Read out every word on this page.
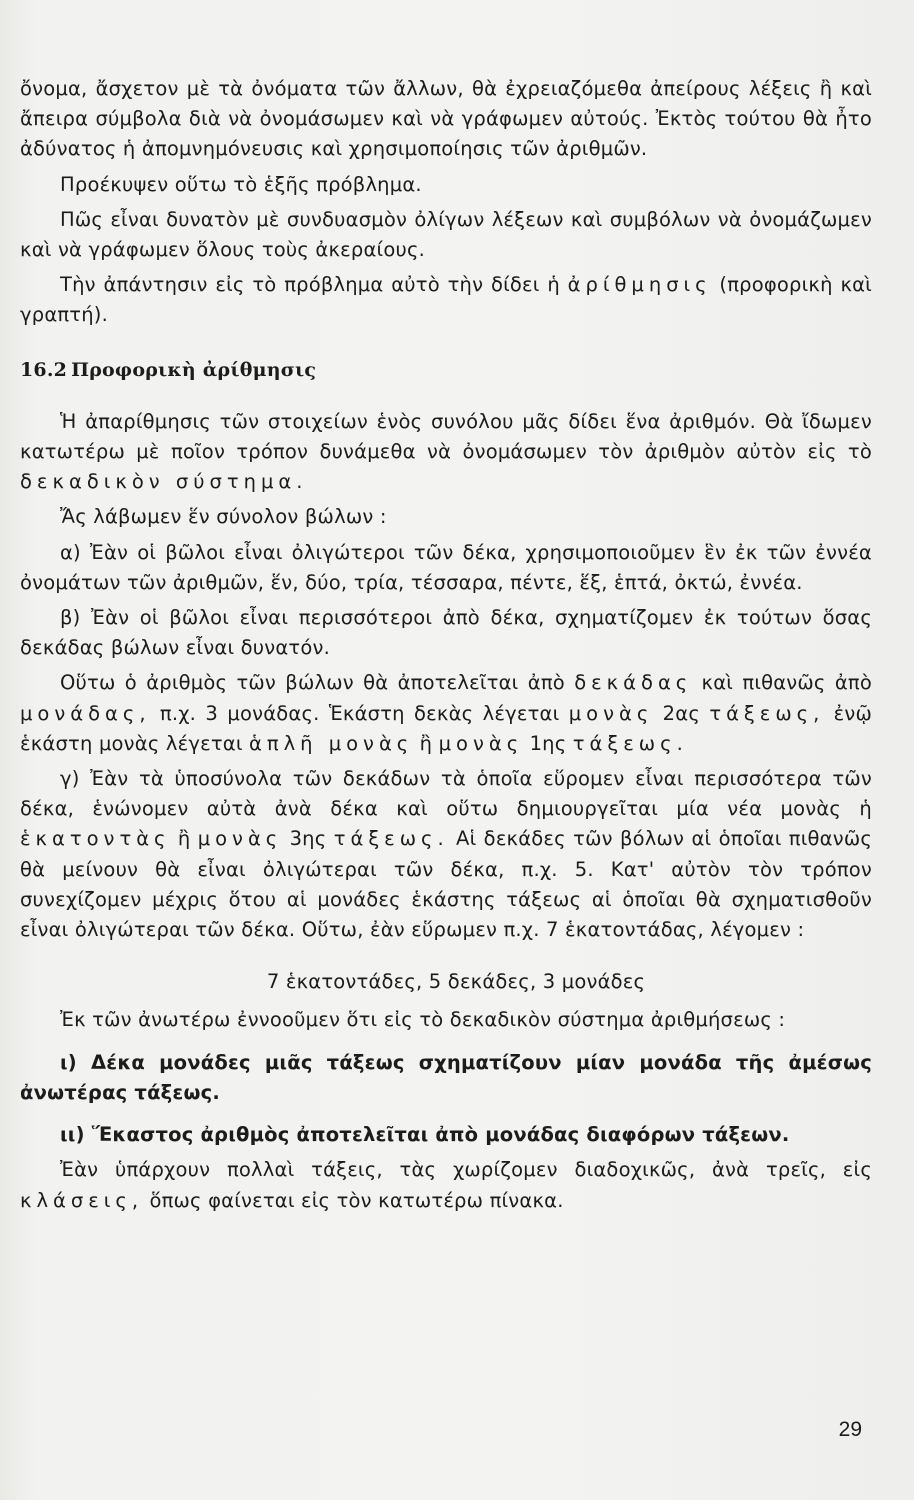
ὄνομα, ἄσχετον μὲ τὰ ὀνόματα τῶν ἄλλων, θὰ ἐχρειαζόμεθα ἀπείρους λέξεις ἢ καὶ ἄπειρα σύμβολα διὰ νὰ ὀνομάσωμεν καὶ νὰ γράφωμεν αὐτούς. Ἐκτὸς τούτου θὰ ἦτο ἀδύνατος ἡ ἀπομνημόνευσις καὶ χρησιμοποίησις τῶν ἀριθμῶν.

Προέκυψεν οὕτω τὸ ἑξῆς πρόβλημα.

Πῶς εἶναι δυνατὸν μὲ συνδυασμὸν ὀλίγων λέξεων καὶ συμβόλων νὰ ὀνομάζωμεν καὶ νὰ γράφωμεν ὅλους τοὺς ἀκεραίους.

Τὴν ἀπάντησιν εἰς τὸ πρόβλημα αὐτὸ τὴν δίδει ἡ ἀρίθμησις (προφορικὴ καὶ γραπτή).

16.2 Προφορικὴ ἀρίθμησις

Ἡ ἀπαρίθμησις τῶν στοιχείων ἑνὸς συνόλου μᾶς δίδει ἕνα ἀριθμόν. Θὰ ἴδωμεν κατωτέρω μὲ ποῖον τρόπον δυνάμεθα νὰ ὀνομάσωμεν τὸν ἀριθμὸν αὐτὸν εἰς τὸ δεκαδικὸν σύστημα.

Ἄς λάβωμεν ἕν σύνολον βώλων :

α) Ἐὰν οἱ βῶλοι εἶναι ὀλιγώτεροι τῶν δέκα, χρησιμοποιοῦμεν ἓν ἐκ τῶν ἐννέα ὀνομάτων τῶν ἀριθμῶν, ἕν, δύο, τρία, τέσσαρα, πέντε, ἕξ, ἑπτά, ὀκτώ, ἐννέα.

β) Ἐὰν οἱ βῶλοι εἶναι περισσότεροι ἀπὸ δέκα, σχηματίζομεν ἐκ τούτων ὅσας δεκάδας βώλων εἶναι δυνατόν.

Οὕτω ὁ ἀριθμὸς τῶν βώλων θὰ ἀποτελεῖται ἀπὸ δεκάδας καὶ πιθανῶς ἀπὸ μονάδας, π.χ. 3 μονάδας. Ἑκάστη δεκὰς λέγεται μονὰς 2ας τάξεως, ἐνῷ ἑκάστη μονὰς λέγεται ἁπλῆ μονὰς ἢ μονὰς 1ης τάξεως.

γ) Ἐὰν τὰ ὑποσύνολα τῶν δεκάδων τὰ ὁποῖα εὕρομεν εἶναι περισσότερα τῶν δέκα, ἑνώνομεν αὐτὰ ἀνὰ δέκα καὶ οὕτω δημιουργεῖται μία νέα μονὰς ἡ ἑκατοντὰς ἢ μονὰς 3ης τάξεως. Αἱ δεκάδες τῶν βόλων αἱ ὁποῖαι πιθανῶς θὰ μείνουν θὰ εἶναι ὀλιγώτεραι τῶν δέκα, π.χ. 5. Κατ' αὐτὸν τὸν τρόπον συνεχίζομεν μέχρις ὅτου αἱ μονάδες ἑκάστης τάξεως αἱ ὁποῖαι θὰ σχηματισθοῦν εἶναι ὀλιγώτεραι τῶν δέκα. Οὕτω, ἐὰν εὕρωμεν π.χ. 7 ἑκατοντάδας, λέγομεν :

7 ἑκατοντάδες, 5 δεκάδες, 3 μονάδες

Ἐκ τῶν ἀνωτέρω ἐννοοῦμεν ὅτι εἰς τὸ δεκαδικὸν σύστημα ἀριθμήσεως :

ι) Δέκα μονάδες μιᾶς τάξεως σχηματίζουν μίαν μονάδα τῆς ἀμέσως ἀνωτέρας τάξεως.

ιι) Ἕκαστος ἀριθμὸς ἀποτελεῖται ἀπὸ μονάδας διαφόρων τάξεων.

Ἐὰν ὑπάρχουν πολλαὶ τάξεις, τὰς χωρίζομεν διαδοχικῶς, ἀνὰ τρεῖς, εἰς κλάσεις, ὅπως φαίνεται εἰς τὸν κατωτέρω πίνακα.

29
